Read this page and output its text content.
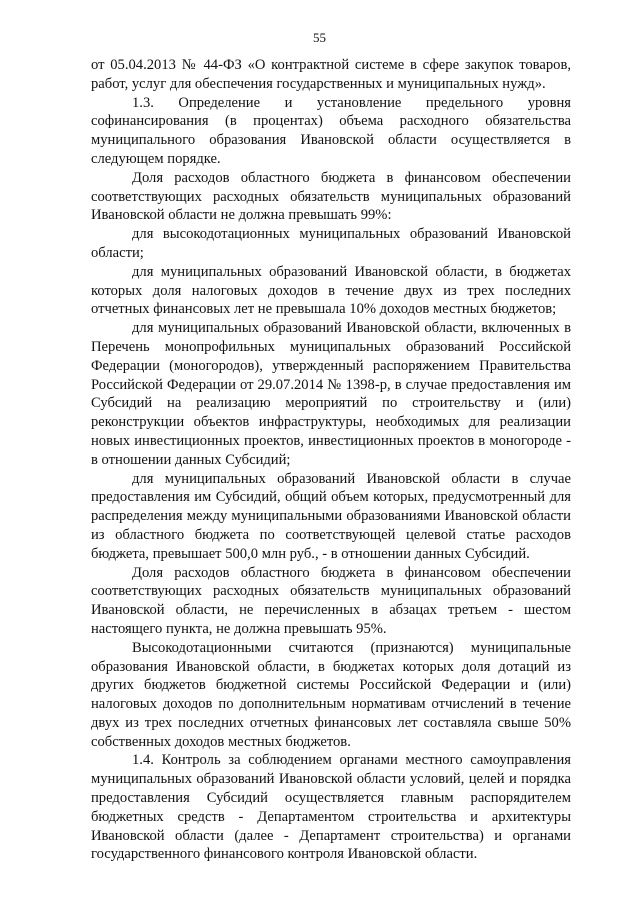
55

от 05.04.2013 № 44-ФЗ «О контрактной системе в сфере закупок товаров, работ, услуг для обеспечения государственных и муниципальных нужд».

1.3. Определение и установление предельного уровня софинансирования (в процентах) объема расходного обязательства муниципального образования Ивановской области осуществляется в следующем порядке.

Доля расходов областного бюджета в финансовом обеспечении соответствующих расходных обязательств муниципальных образований Ивановской области не должна превышать 99%:

для высокодотационных муниципальных образований Ивановской области;

для муниципальных образований Ивановской области, в бюджетах которых доля налоговых доходов в течение двух из трех последних отчетных финансовых лет не превышала 10% доходов местных бюджетов;

для муниципальных образований Ивановской области, включенных в Перечень монопрофильных муниципальных образований Российской Федерации (моногородов), утвержденный распоряжением Правительства Российской Федерации от 29.07.2014 № 1398-р, в случае предоставления им Субсидий на реализацию мероприятий по строительству и (или) реконструкции объектов инфраструктуры, необходимых для реализации новых инвестиционных проектов, инвестиционных проектов в моногороде - в отношении данных Субсидий;

для муниципальных образований Ивановской области в случае предоставления им Субсидий, общий объем которых, предусмотренный для распределения между муниципальными образованиями Ивановской области из областного бюджета по соответствующей целевой статье расходов бюджета, превышает 500,0 млн руб., - в отношении данных Субсидий.

Доля расходов областного бюджета в финансовом обеспечении соответствующих расходных обязательств муниципальных образований Ивановской области, не перечисленных в абзацах третьем - шестом настоящего пункта, не должна превышать 95%.

Высокодотационными считаются (признаются) муниципальные образования Ивановской области, в бюджетах которых доля дотаций из других бюджетов бюджетной системы Российской Федерации и (или) налоговых доходов по дополнительным нормативам отчислений в течение двух из трех последних отчетных финансовых лет составляла свыше 50% собственных доходов местных бюджетов.

1.4. Контроль за соблюдением органами местного самоуправления муниципальных образований Ивановской области условий, целей и порядка предоставления Субсидий осуществляется главным распорядителем бюджетных средств - Департаментом строительства и архитектуры Ивановской области (далее - Департамент строительства) и органами государственного финансового контроля Ивановской области.
